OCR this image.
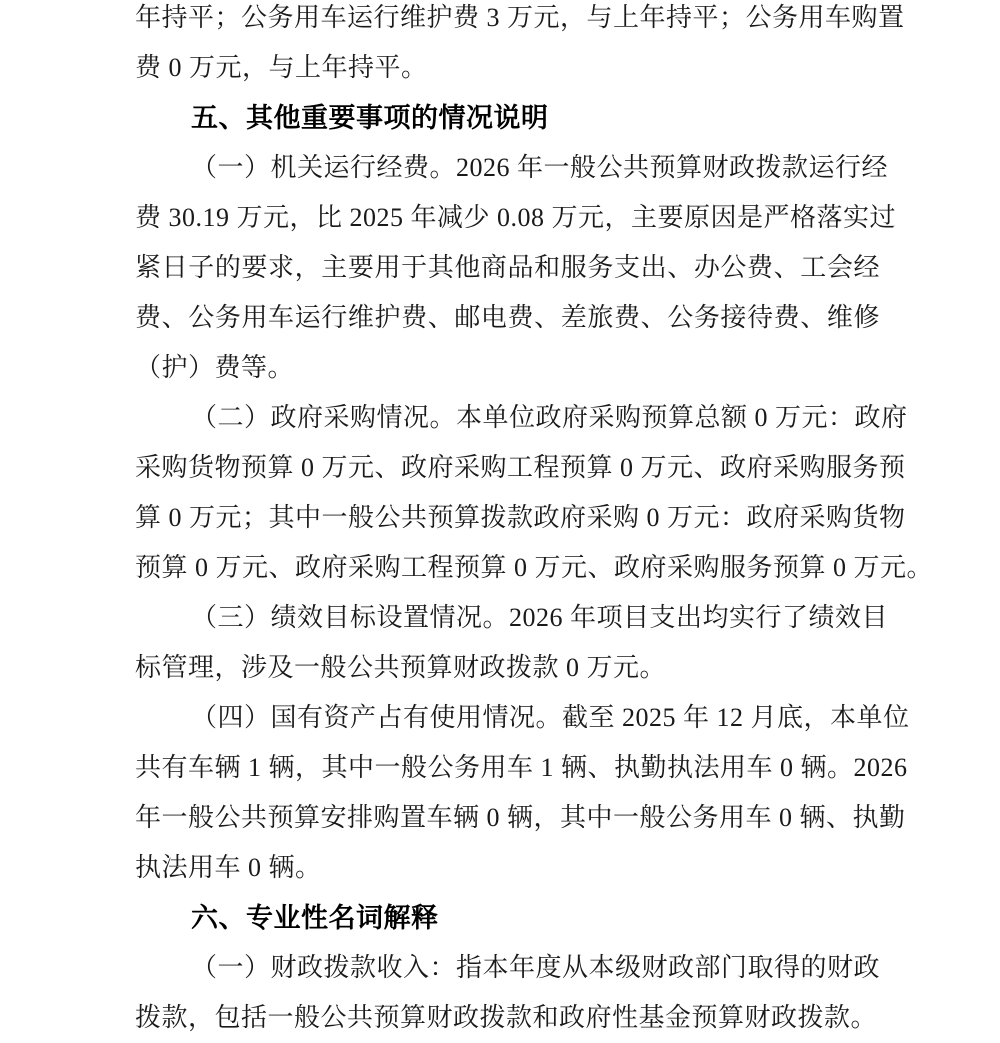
年持平；公务用车运行维护费 3 万元，与上年持平；公务用车购置
费 0 万元，与上年持平。

五、其他重要事项的情况说明

（一）机关运行经费。2026 年一般公共预算财政拨款运行经
费 30.19 万元，比 2025 年减少 0.08 万元，主要原因是严格落实过
紧日子的要求，主要用于其他商品和服务支出、办公费、工会经
费、公务用车运行维护费、邮电费、差旅费、公务接待费、维修
（护）费等。

（二）政府采购情况。本单位政府采购预算总额 0 万元：政府
采购货物预算 0 万元、政府采购工程预算 0 万元、政府采购服务预
算 0 万元；其中一般公共预算拨款政府采购 0 万元：政府采购货物
预算 0 万元、政府采购工程预算 0 万元、政府采购服务预算 0 万元。

（三）绩效目标设置情况。2026 年项目支出均实行了绩效目
标管理，涉及一般公共预算财政拨款 0 万元。

（四）国有资产占有使用情况。截至 2025 年 12 月底，本单位
共有车辆 1 辆，其中一般公务用车 1 辆、执勤执法用车 0 辆。2026
年一般公共预算安排购置车辆 0 辆，其中一般公务用车 0 辆、执勤
执法用车 0 辆。

六、专业性名词解释

（一）财政拨款收入：指本年度从本级财政部门取得的财政
拨款，包括一般公共预算财政拨款和政府性基金预算财政拨款。
